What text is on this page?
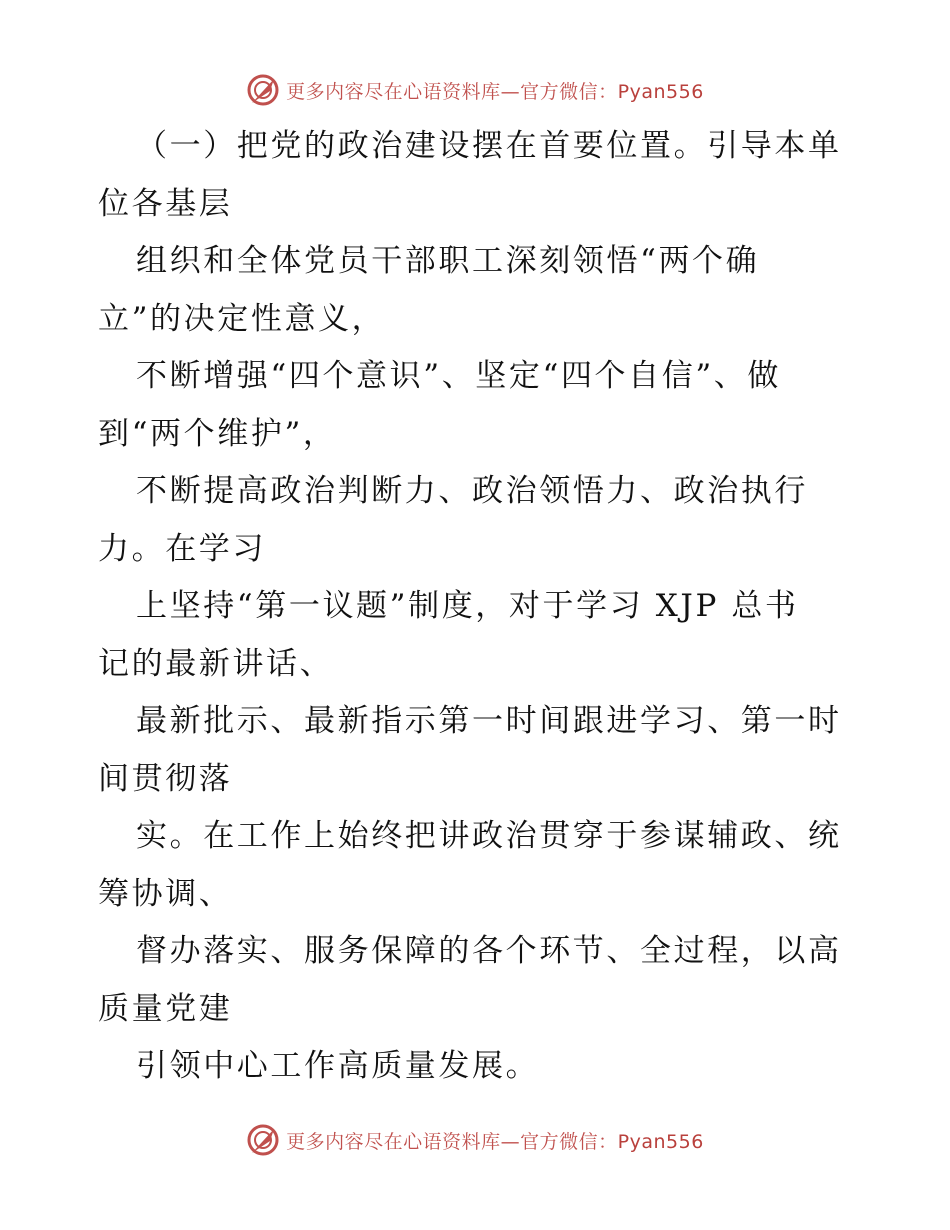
更多内容尽在心语资料库—官方微信：Pyan556
（一）把党的政治建设摆在首要位置。引导本单
位各基层
组织和全体党员干部职工深刻领悟“两个确
立”的决定性意义，
不断增强“四个意识”、坚定“四个自信”、做
到“两个维护”，
不断提高政治判断力、政治领悟力、政治执行
力。在学习
上坚持“第一议题”制度，对于学习 XJP 总书
记的最新讲话、
最新批示、最新指示第一时间跟进学习、第一时
间贯彻落
实。在工作上始终把讲政治贯穿于参谋辅政、统
筹协调、
督办落实、服务保障的各个环节、全过程，以高
质量党建
引领中心工作高质量发展。
更多内容尽在心语资料库—官方微信：Pyan556
